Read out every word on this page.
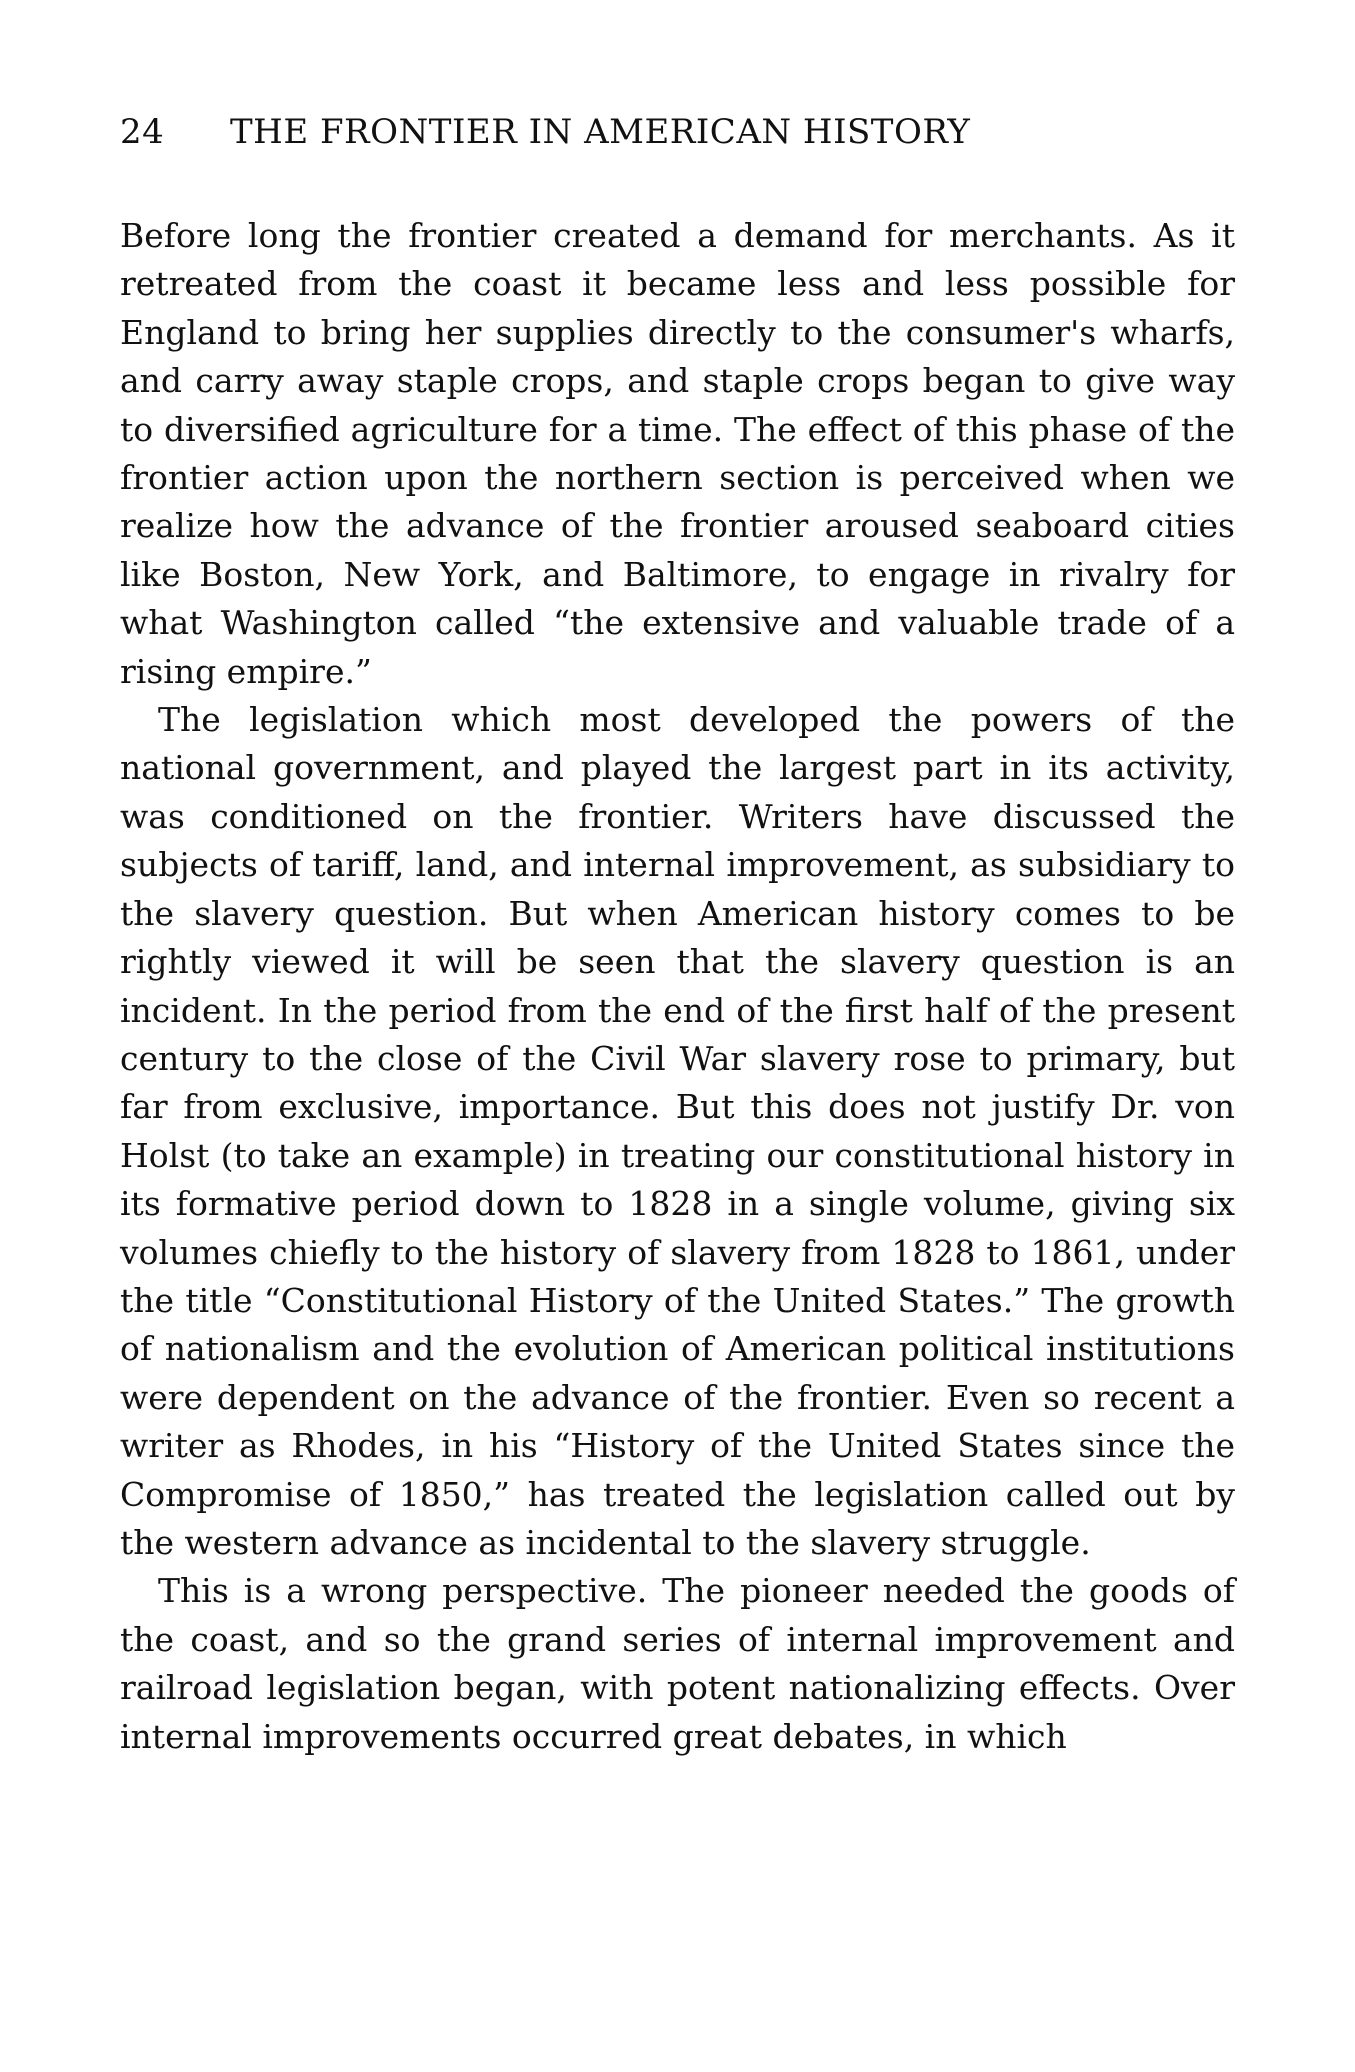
24	THE FRONTIER IN AMERICAN HISTORY

Before long the frontier created a demand for merchants. As it retreated from the coast it became less and less possible for England to bring her supplies directly to the consumer's wharfs, and carry away staple crops, and staple crops began to give way to diversified agriculture for a time. The effect of this phase of the frontier action upon the northern section is perceived when we realize how the advance of the frontier aroused seaboard cities like Boston, New York, and Baltimore, to engage in rivalry for what Washington called “the extensive and valuable trade of a rising empire.”

The legislation which most developed the powers of the national government, and played the largest part in its activity, was conditioned on the frontier. Writers have discussed the subjects of tariff, land, and internal improvement, as subsidiary to the slavery question. But when American history comes to be rightly viewed it will be seen that the slavery question is an incident. In the period from the end of the first half of the present century to the close of the Civil War slavery rose to primary, but far from exclusive, importance. But this does not justify Dr. von Holst (to take an example) in treating our constitutional history in its formative period down to 1828 in a single volume, giving six volumes chiefly to the history of slavery from 1828 to 1861, under the title “Constitutional History of the United States.” The growth of nationalism and the evolution of American political institutions were dependent on the advance of the frontier. Even so recent a writer as Rhodes, in his “History of the United States since the Compromise of 1850,” has treated the legislation called out by the western advance as incidental to the slavery struggle.

This is a wrong perspective. The pioneer needed the goods of the coast, and so the grand series of internal improvement and railroad legislation began, with potent nationalizing effects. Over internal improvements occurred great debates, in which
